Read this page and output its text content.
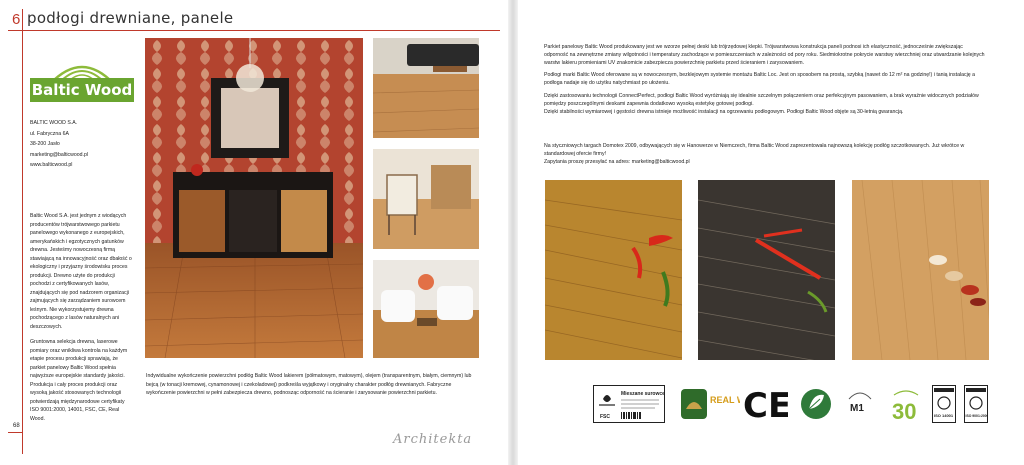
6 podłogi drewniane, panele
Baltic Wood
BALTIC WOOD S.A.
ul. Fabryczna 6A
38-200 Jasło
marketing@balticwood.pl
www.balticwood.pl
Baltic Wood S.A. jest jednym z wiodących producentów trójwarstwowego parkietu panelowego wykonanego z europejskich, amerykańskich i egzotycznych gatunków drewna. Jesteśmy nowoczesną firmą stawiającą na innowacyjność oraz dbałość o ekologiczny i przyjazny środowisku proces produkcji. Drewno użyte do produkcji pochodzi z certyfikowanych lasów, znajdujących się pod nadzorem organizacji zajmujących się zarządzaniem surowcem leśnym. Nie wykorzystujemy drewna pochodzącego z lasów naturalnych ani deszczowych.
Gruntowna selekcja drewna, laserowe pomiary oraz wnikliwa kontrola na każdym etapie procesu produkcji sprawiają, że parkiet panelowy Baltic Wood spełnia najwyższe europejskie standardy jakości. Produkcja i cały proces produkcji oraz wysoką jakość stosowanych technologii potwierdzają międzynarodowe certyfikaty ISO 9001:2000, 14001, FSC, CE, Real Wood.
Indywidualne wykończenie powierzchni podłóg Baltic Wood lakierem (półmatowym, matowym), olejem (transparentnym, białym, ciemnym) lub bejcą (w tonacji kremowej, cynamonowej i czekoladowej) podkreśla wyjątkowy i oryginalny charakter podłóg drewnianych. Fabryczne wykończenie powierzchni w pełni zabezpiecza drewno, podnosząc odporność na ścieranie i zarysowanie powierzchni parkietu.
68
Architekta
Parkiet panelowy Baltic Wood produkowany jest we wzorze pełnej deski lub trójrzędowej klepki. Trójwarstwowa konstrukcja paneli podnosi ich elastyczność, jednocześnie zwiększając odporność na zewnętrzne zmiany wilgotności i temperatury zachodzące w pomieszczeniach w zależności od pory roku. Siedmiokrotne pokrycie warstwy wierzchniej oraz utwardzanie kolejnych warstw lakieru promieniami UV znakomicie zabezpiecza powierzchnię parkietu przed ścieraniem i zarysowaniem.
Podłogi marki Baltic Wood oferowane są w nowoczesnym, bezklejowym systemie montażu Baltic Loc. Jest on sposobem na prostą, szybką (nawet do 12 m² na godzinę!) i tanią instalację a podłoga nadaje się do użytku natychmiast po ułożeniu.
Dzięki zastosowaniu technologii ConnectPerfect, podłogi Baltic Wood wyróżniają się idealnie szczelnym połączeniem oraz perfekcyjnym pasowaniem, a brak wyraźnie widocznych podziałów pomiędzy poszczególnymi deskami zapewnia dodatkowo wysoką estetykę gotowej podłogi.
Dzięki stabilności wymiarowej i gęstości drewna istnieje możliwość instalacji na ogrzewaniu podłogowym. Podłogi Baltic Wood objęte są 30-letnią gwarancją.
Na styczniowych targach Domotex 2009, odbywających się w Hanowerze w Niemczech, firma Baltic Wood zaprezentowała najnowszą kolekcję podłóg szczotkowanych. Już wkrótce w standardowej ofercie firmy!
Zapytania proszę przesyłać na adres: marketing@balticwood.pl
FSC
Mieszane surowce
REAL CE	M1 30	ISO 14001	ISO 9001:2000
